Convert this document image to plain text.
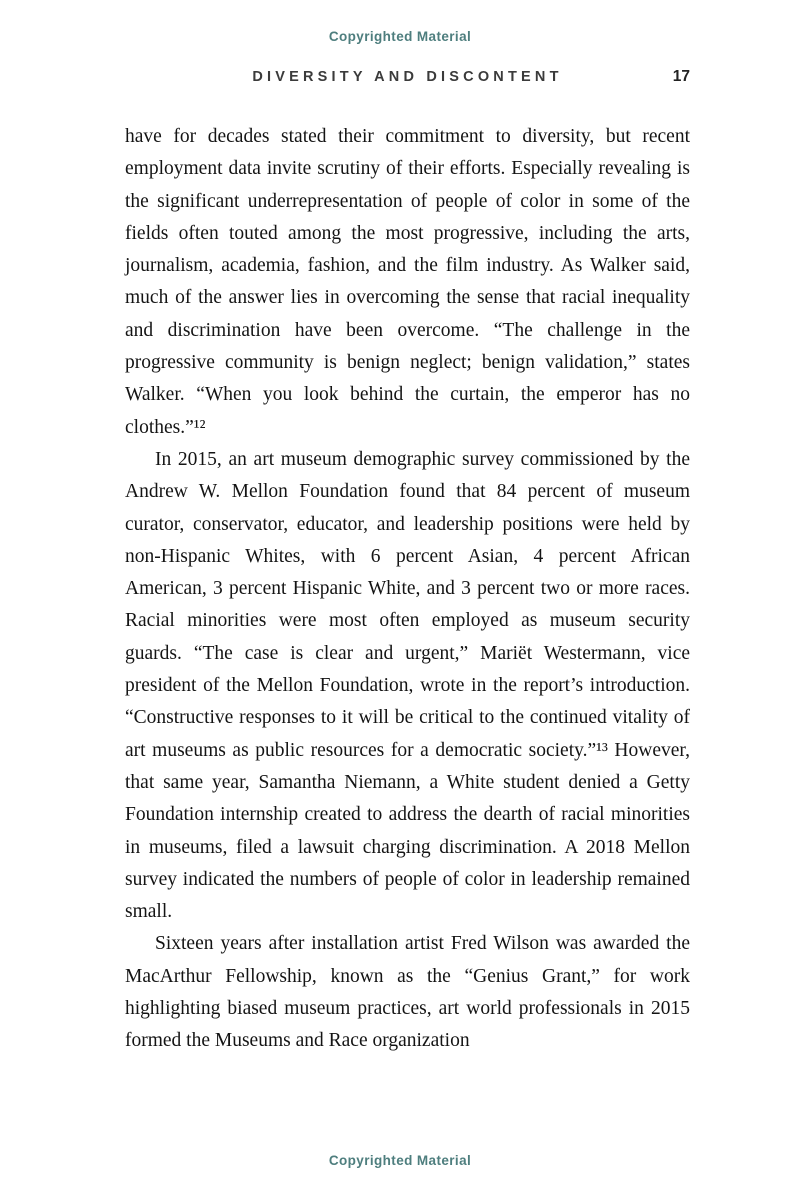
Copyrighted Material
DIVERSITY AND DISCONTENT	17

have for decades stated their commitment to diversity, but recent employment data invite scrutiny of their efforts. Especially revealing is the significant underrepresentation of people of color in some of the fields often touted among the most progressive, including the arts, journalism, academia, fashion, and the film industry. As Walker said, much of the answer lies in overcoming the sense that racial inequality and discrimination have been overcome. “The challenge in the progressive community is benign neglect; benign validation,” states Walker. “When you look behind the curtain, the emperor has no clothes.”¹²

In 2015, an art museum demographic survey commissioned by the Andrew W. Mellon Foundation found that 84 percent of museum curator, conservator, educator, and leadership positions were held by non-Hispanic Whites, with 6 percent Asian, 4 percent African American, 3 percent Hispanic White, and 3 percent two or more races. Racial minorities were most often employed as museum security guards. “The case is clear and urgent,” Mariët Westermann, vice president of the Mellon Foundation, wrote in the report’s introduction. “Constructive responses to it will be critical to the continued vitality of art museums as public resources for a democratic society.”¹³ However, that same year, Samantha Niemann, a White student denied a Getty Foundation internship created to address the dearth of racial minorities in museums, filed a lawsuit charging discrimination. A 2018 Mellon survey indicated the numbers of people of color in leadership remained small.

Sixteen years after installation artist Fred Wilson was awarded the MacArthur Fellowship, known as the “Genius Grant,” for work highlighting biased museum practices, art world professionals in 2015 formed the Museums and Race organization

Copyrighted Material
